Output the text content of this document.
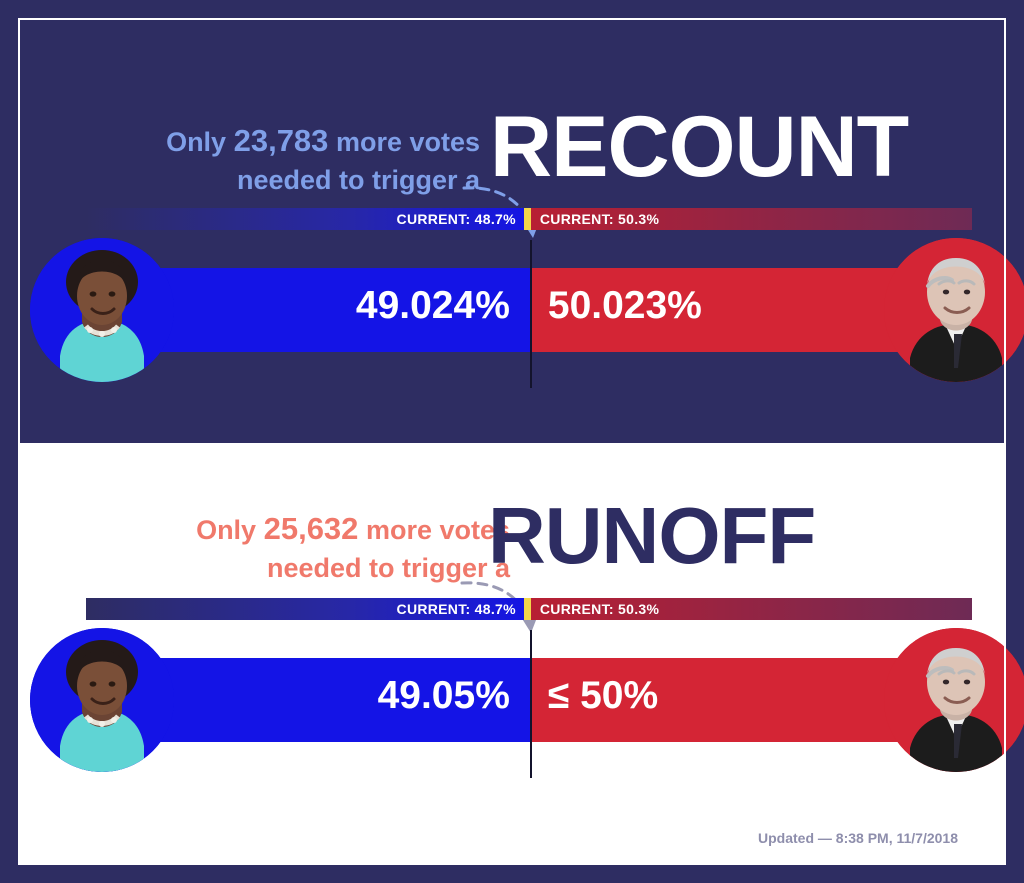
Only 23,783 more votes
needed to trigger a RECOUNT
CURRENT: 48.7% CURRENT: 50.3%
49.024% 50.023%
Only 25,632 more votes
needed to trigger a
RUNOFF
CURRENT: 48.7% CURRENT: 50.3%
49.05% ≤ 50%
Updated — 8:38 PM, 11/7/2018
